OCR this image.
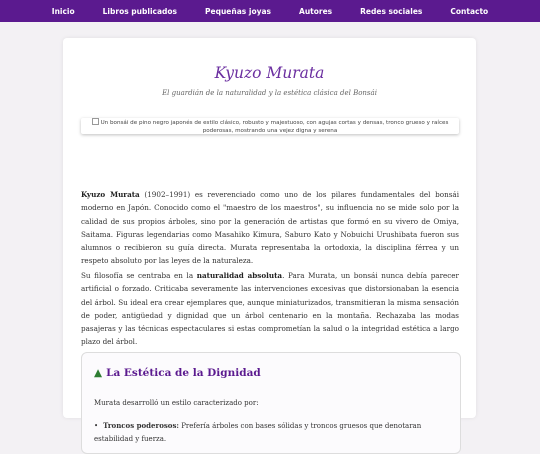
Inicio	Libros publicados	Pequeñas joyas	Autores	Redes sociales	Contacto
Kyuzo Murata
El guardián de la naturalidad y la estética clásica del Bonsái
Un bonsái de pino negro japonés de estilo clásico, robusto y majestuoso, con agujas cortas y densas, tronco grueso y raíces poderosas, mostrando una vejez digna y serena

Kyuzo Murata (1902–1991) es reverenciado como uno de los pilares fundamentales del bonsái moderno en Japón. Conocido como el "maestro de los maestros", su influencia no se mide solo por la calidad de sus propios árboles, sino por la generación de artistas que formó en su vivero de Omiya, Saitama. Figuras legendarias como Masahiko Kimura, Saburo Kato y Nobuichi Urushibata fueron sus alumnos o recibieron su guía directa. Murata representaba la ortodoxia, la disciplina férrea y un respeto absoluto por las leyes de la naturaleza.

Su filosofía se centraba en la naturalidad absoluta. Para Murata, un bonsái nunca debía parecer artificial o forzado. Criticaba severamente las intervenciones excesivas que distorsionaban la esencia del árbol. Su ideal era crear ejemplares que, aunque miniaturizados, transmitieran la misma sensación de poder, antigüedad y dignidad que un árbol centenario en la montaña. Rechazaba las modas pasajeras y las técnicas espectaculares si estas comprometían la salud o la integridad estética a largo plazo del árbol.

▲ La Estética de la Dignidad
Murata desarrolló un estilo caracterizado por:
• Troncos poderosos: Prefería árboles con bases sólidas y troncos gruesos que denotaran estabilidad y fuerza.
